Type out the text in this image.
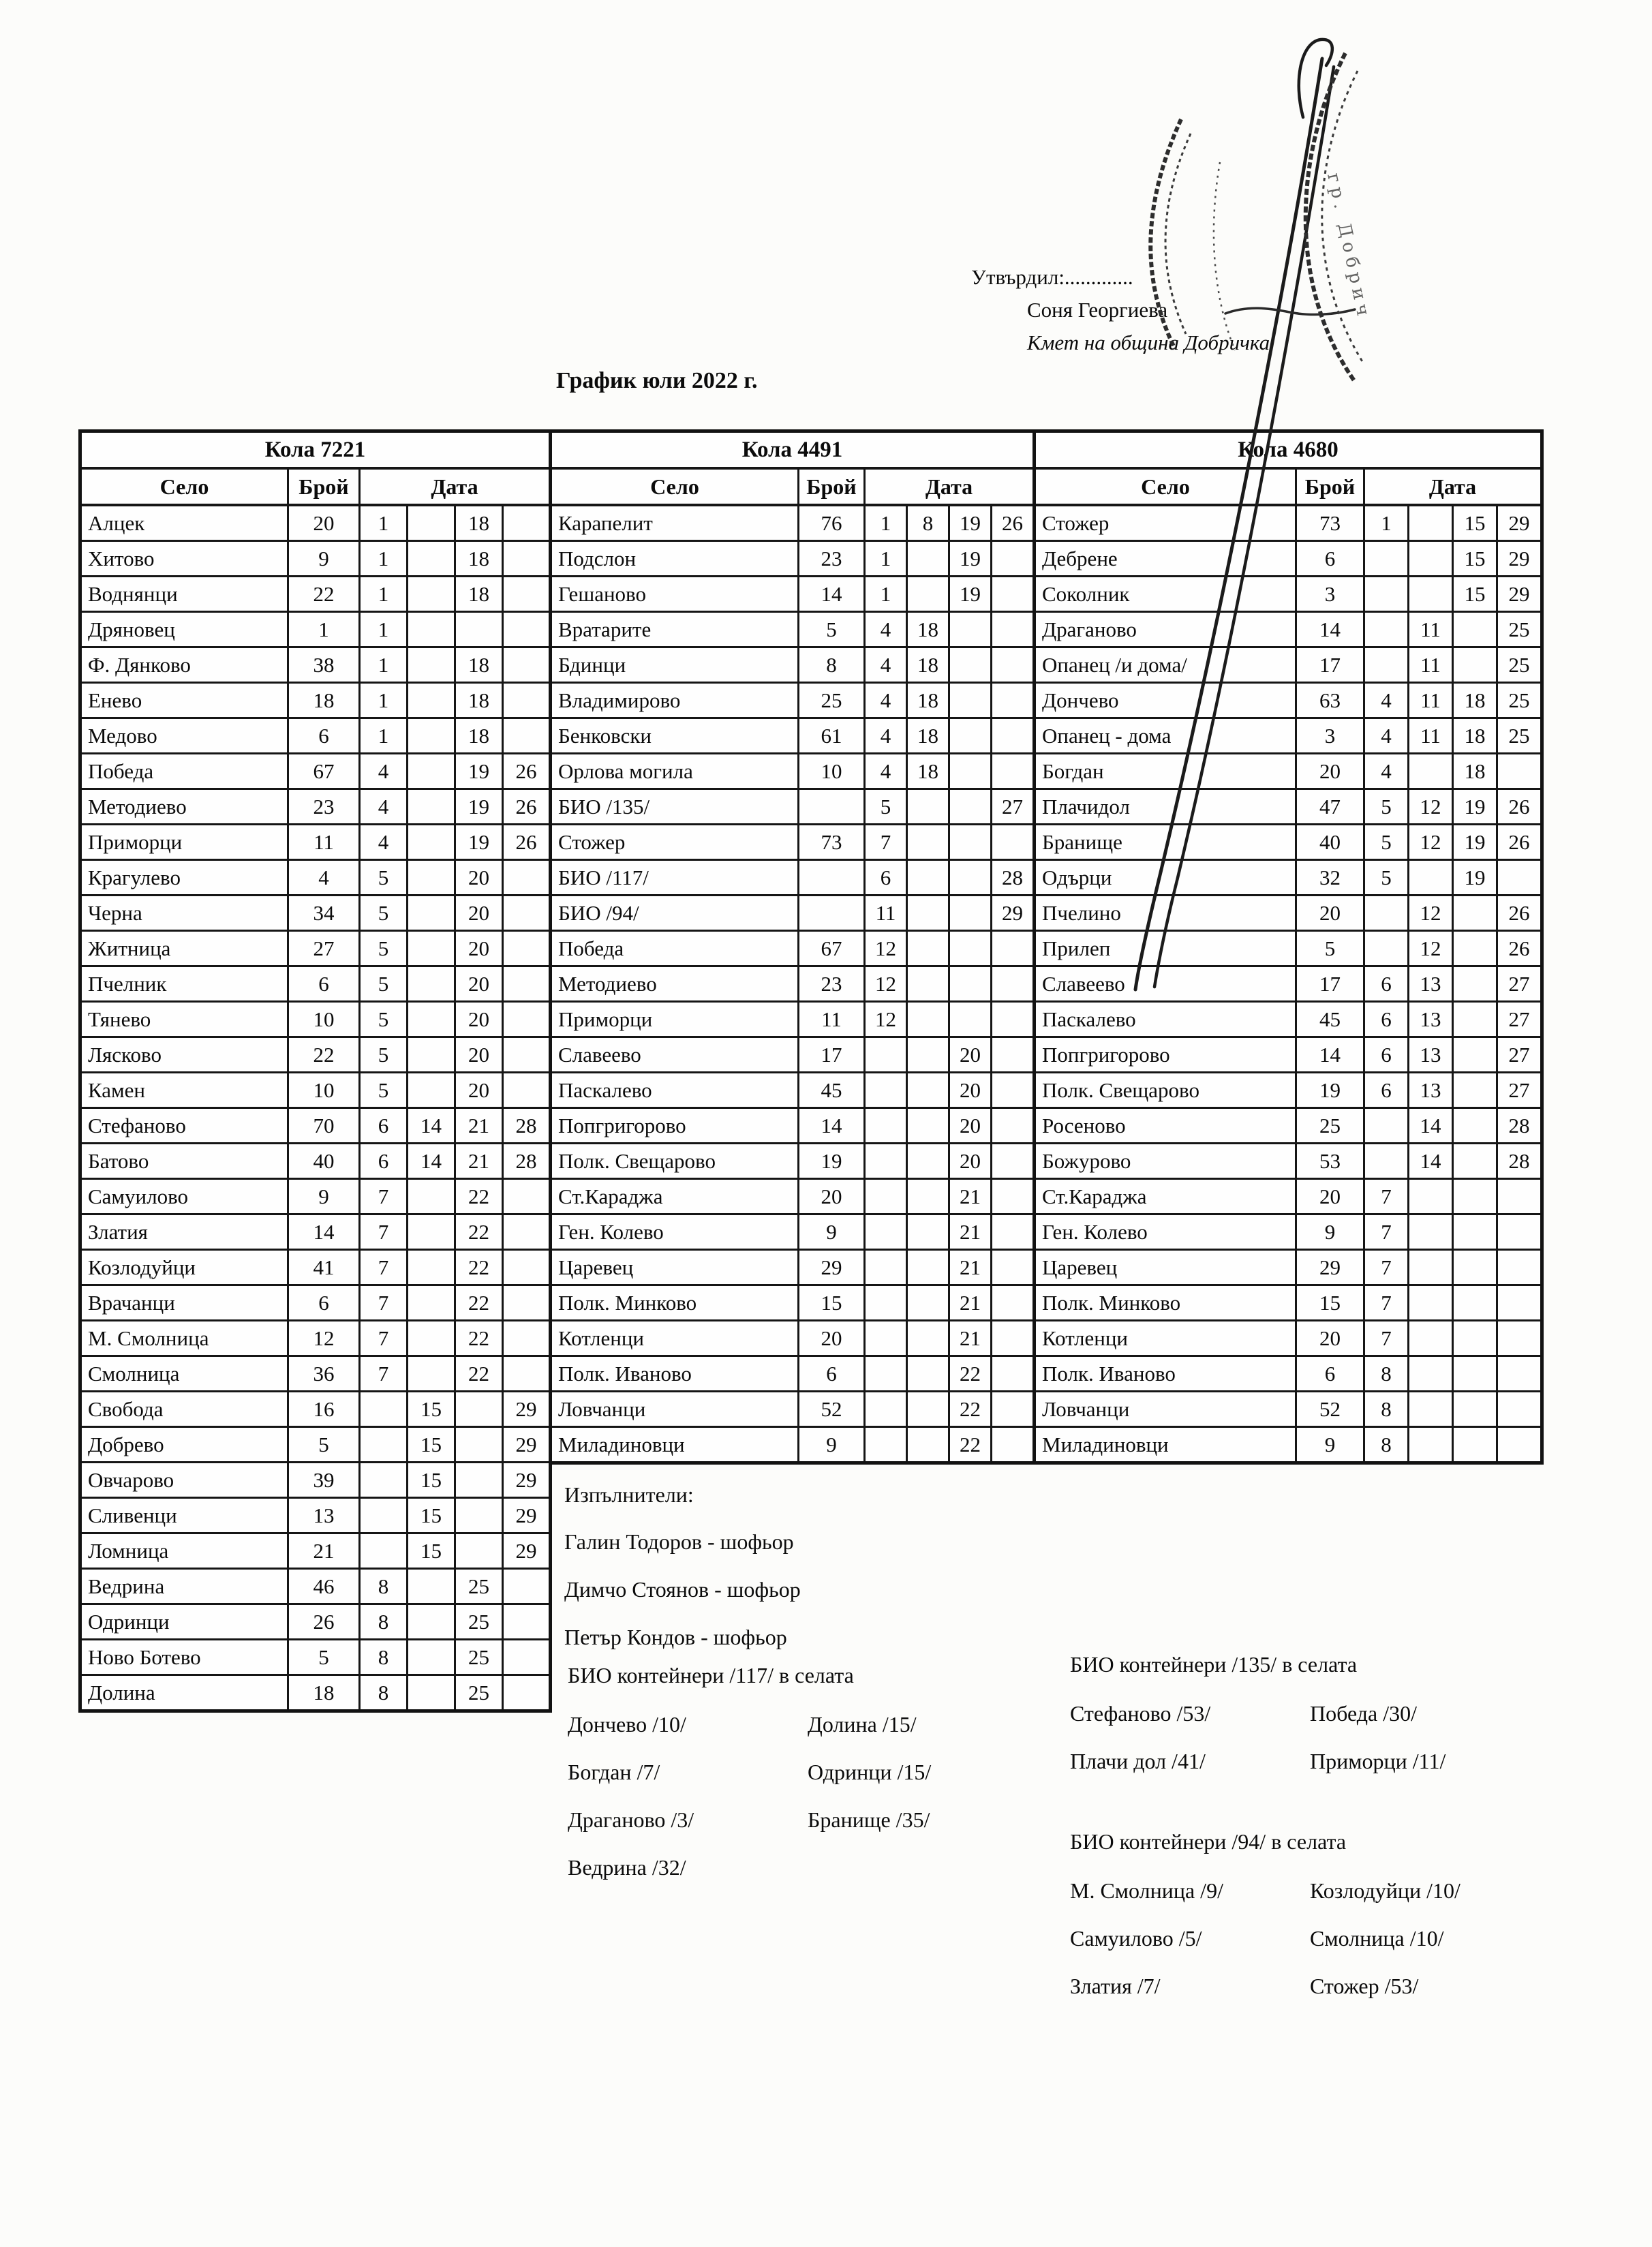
Утвърдил:.............
Соня Георгиева
Кмет на община Добричка
График юли 2022 г.
Кола 7221					
Село	Брой	Дата			
Алцек	20	1		18	
Хитово	9	1		18	
Воднянци	22	1		18	
Дряновец	1	1			
Ф. Дянково	38	1		18	
Енево	18	1		18	
Медово	6	1		18	
Победа	67	4		19	26
Методиево	23	4		19	26
Приморци	11	4		19	26
Крагулево	4	5		20	
Черна	34	5		20	
Житница	27	5		20	
Пчелник	6	5		20	
Тянево	10	5		20	
Лясково	22	5		20	
Камен	10	5		20	
Стефаново	70	6	14	21	28
Батово	40	6	14	21	28
Самуилово	9	7		22	
Златия	14	7		22	
Козлодуйци	41	7		22	
Врачанци	6	7		22	
М. Смолница	12	7		22	
Смолница	36	7		22	
Свобода	16		15		29
Добрево	5		15		29
Овчарово	39		15		29
Сливенци	13		15		29
Ломница	21		15		29
Ведрина	46	8		25	
Одринци	26	8		25	
Ново Ботево	5	8		25	
Долина	18	8		25	
Кола 4491					
Село	Брой	Дата			
Карапелит	76	1	8	19	26
Подслон	23	1		19	
Гешаново	14	1		19	
Вратарите	5	4	18		
Бдинци	8	4	18		
Владимирово	25	4	18		
Бенковски	61	4	18		
Орлова могила	10	4	18		
БИО /135/		5			27
Стожер	73	7			
БИО /117/		6			28
БИО /94/		11			29
Победа	67	12			
Методиево	23	12			
Приморци	11	12			
Славеево	17			20	
Паскалево	45			20	
Попгригорово	14			20	
Полк. Свещарово	19			20	
Ст.Караджа	20			21	
Ген. Колево	9			21	
Царевец	29			21	
Полк. Минково	15			21	
Котленци	20			21	
Полк. Иваново	6			22	
Ловчанци	52			22	
Миладиновци	9			22	
Кола 4680					
Село	Брой	Дата			
Стожер	73	1		15	29
Дебрене	6			15	29
Соколник	3			15	29
Драганово	14		11		25
Опанец /и дома/	17		11		25
Дончево	63	4	11	18	25
Опанец - дома	3	4	11	18	25
Богдан	20	4		18	
Плачидол	47	5	12	19	26
Бранище	40	5	12	19	26
Одърци	32	5		19	
Пчелино	20		12		26
Прилеп	5		12		26
Славеево	17	6	13		27
Паскалево	45	6	13		27
Попгригорово	14	6	13		27
Полк. Свещарово	19	6	13		27
Росеново	25		14		28
Божурово	53		14		28
Ст.Караджа	20	7			
Ген. Колево	9	7			
Царевец	29	7			
Полк. Минково	15	7			
Котленци	20	7			
Полк. Иваново	6	8			
Ловчанци	52	8			
Миладиновци	9	8			
Изпълнители:
Галин Тодоров - шофьор
Димчо Стоянов - шофьор
Петър Кондов - шофьор
БИО контейнери /117/ в селата
Дончево /10/
Богдан /7/
Драганово /3/
Ведрина /32/
Долина /15/
Одринци /15/
Бранище /35/
БИО контейнери /135/ в селата
Стефаново /53/
Плачи дол /41/
Победа /30/
Приморци /11/
БИО контейнери /94/ в селата
М. Смолница /9/
Самуилово /5/
Златия /7/
Козлодуйци /10/
Смолница /10/
Стожер /53/
гр. Добрич
